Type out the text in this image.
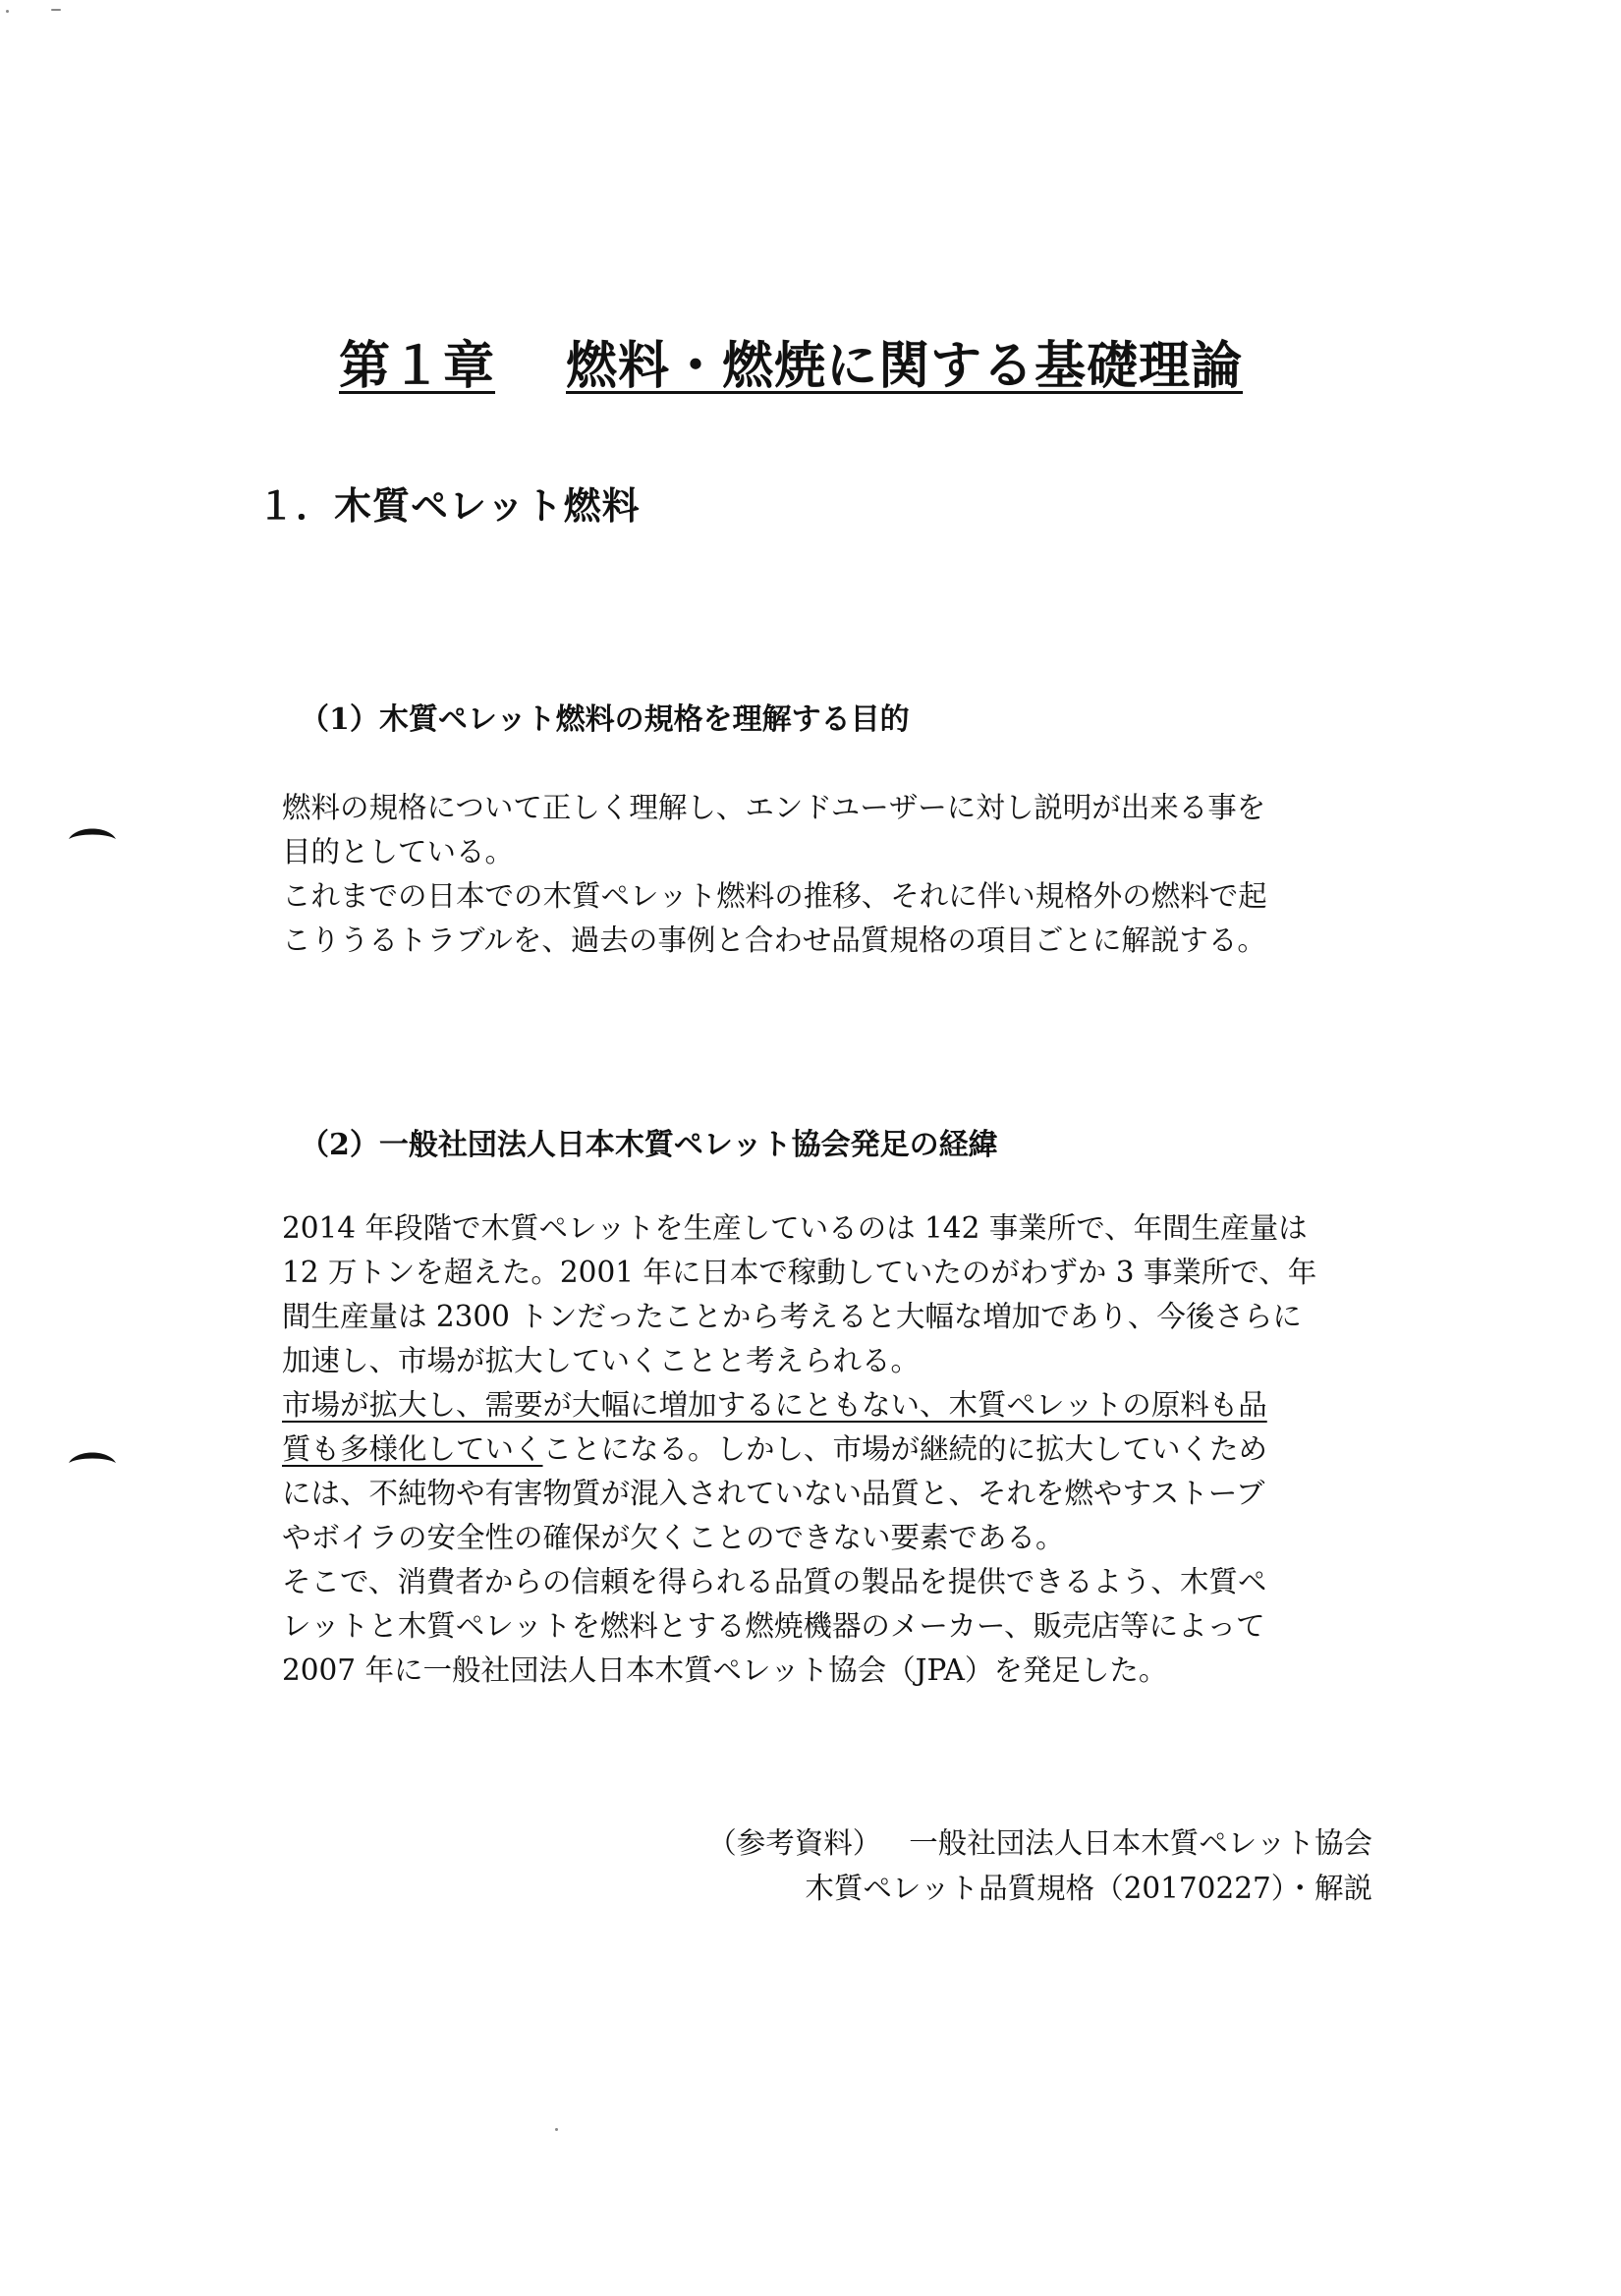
第１章 燃料・燃焼に関する基礎理論
１．木質ペレット燃料
（1）木質ペレット燃料の規格を理解する目的

燃料の規格について正しく理解し、エンドユーザーに対し説明が出来る事を
目的としている。
これまでの日本での木質ペレット燃料の推移、それに伴い規格外の燃料で起
こりうるトラブルを、過去の事例と合わせ品質規格の項目ごとに解説する。

（2）一般社団法人日本木質ペレット協会発足の経緯

2014 年段階で木質ペレットを生産しているのは 142 事業所で、年間生産量は
12 万トンを超えた。2001 年に日本で稼動していたのがわずか 3 事業所で、年
間生産量は 2300 トンだったことから考えると大幅な増加であり、今後さらに
加速し、市場が拡大していくことと考えられる。
市場が拡大し、需要が大幅に増加するにともない、木質ペレットの原料も品
質も多様化していくことになる。しかし、市場が継続的に拡大していくため
には、不純物や有害物質が混入されていない品質と、それを燃やすストーブ
やボイラの安全性の確保が欠くことのできない要素である。
そこで、消費者からの信頼を得られる品質の製品を提供できるよう、木質ペ
レットと木質ペレットを燃料とする燃焼機器のメーカー、販売店等によって
2007 年に一般社団法人日本木質ペレット協会（JPA）を発足した。

（参考資料） 一般社団法人日本木質ペレット協会
木質ペレット品質規格（20170227）・解説
